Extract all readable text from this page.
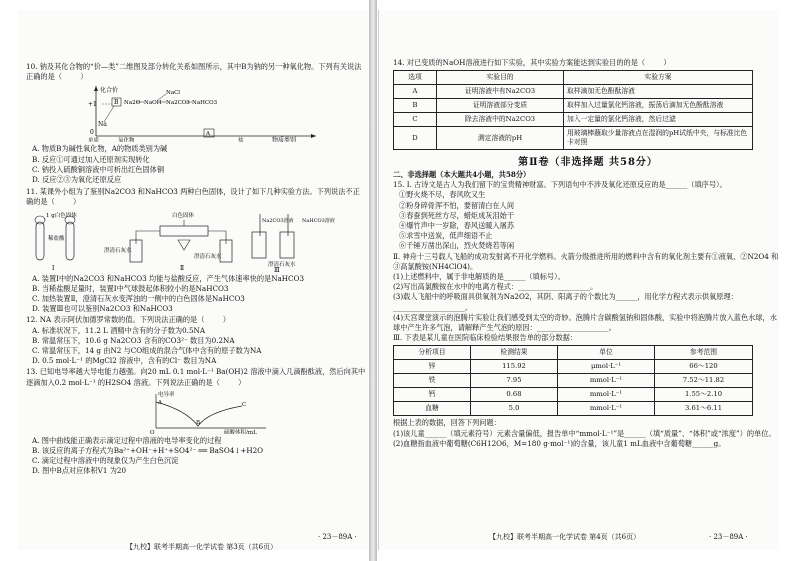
10. 钠及其化合物的“价—类”二维图及部分转化关系如图所示，其中B为钠的另一种氧化物。下列有关说法正确的是（        ）

化合价
物质类别
+1
0
单质	氧化物
A
盐
Na
B Na2O NaOH
NaCl
Na2CO3 NaHCO3

A. 物质B为碱性氧化物，A的物质类别为碱

B. 反应①可通过加入还原剂实现转化

C. 钠投入硫酸铜溶液中可析出红色固体铜

D. 反应②③为氧化还原反应

11. 某课外小组为了鉴别Na2CO3 和NaHCO3 两种白色固体，设计了如下几种实验方法。下列说法不正确的是（        ）

1 g白色固体
稀盐酸
Ⅰ
白色固体
澄清石灰水
澄清石灰水
Ⅱ
Na2CO3溶液 NaHCO3溶液
澄清石灰水
Ⅲ

A. 装置Ⅰ中的Na2CO3 和NaHCO3 均能与盐酸反应，产生气体速率快的是NaHCO3

B. 当稀盐酸足量时，装置Ⅰ中气球鼓起体积较小的是NaHCO3

C. 加热装置Ⅱ，澄清石灰水变浑浊的一侧中的白色固体是NaHCO3

D. 装置Ⅲ也可以鉴别Na2CO3 和NaHCO3

12. NA 表示阿伏加德罗常数的值。下列说法正确的是（        ）

A. 标准状况下，11.2 L 酒精中含有的分子数为0.5NA

B. 常温常压下，10.6 g Na2CO3 含有的CO3²⁻ 数目为0.2NA

C. 常温常压下，14 g 由N2 与CO组成的混合气体中含有的原子数为NA

D. 0.5 mol·L⁻¹ 的MgCl2 溶液中，含有的Cl⁻ 数目为NA

13. 已知电导率越大导电能力越强。向20 mL 0.1 mol·L⁻¹ Ba(OH)2 溶液中滴入几滴酚酞液，然后向其中逐滴加入0.2 mol·L⁻¹ 的H2SO4 溶液。下列说法正确的是（        ）

电导率
硫酸体积/mL
A
B
C
O

A. 图中曲线能正确表示滴定过程中溶液的电导率变化的过程

B. 该反应的离子方程式为Ba²⁺+OH⁻+H⁺+SO4²⁻ ══ BaSO4↓+H2O

C. 滴定过程中溶液中的现象仅为产生白色沉淀

D. 图中B点对应体积V1 为20

【九校】联考半期高一化学试卷 第3页（共6页）
· 23－89A ·

14. 对已变质的NaOH溶液进行如下实验，其中实验方案能达到实验目的的是（        ）

选项	实验目的	实验方案
A	证明溶液中有Na2CO3	取样滴加无色酚酞溶液
B	证明溶液部分变质	取样加入过量氯化钙溶液，振荡后滴加无色酚酞溶液
C	除去溶液中的Na2CO3	加入一定量的氯化钙溶液，然后过滤
D	测定溶液的pH	用玻璃棒蘸取少量溶液点在湿润的pH试纸中央，与标准比色卡对照
第Ⅱ卷（非选择题 共58分）

二、非选择题（本大题共4小题，共58分）

15. Ⅰ. 古诗文是古人为我们留下的宝贵精神财富。下列语句中不涉及氧化还原反应的是______（填序号）。

①野火烧不尽，春风吹又生

②粉身碎骨浑不怕，要留清白在人间

③春蚕到死丝方尽，蜡炬成灰泪始干

④爆竹声中一岁除，春风送暖入屠苏

⑤求雪中送炭，低声细语不止

⑥千锤万凿出深山，烈火焚烧若等闲

Ⅱ. 神舟十三号载人飞船的成功发射离不开化学燃料。火箭分级推进所用的燃料中含有的氧化剂主要有①液氧、②N2O4 和③高氯酸铵(NH4ClO4)。

(1)上述燃料中，属于非电解质的是______（填标号）。

(2)写出高氯酸铵在水中的电离方程式：____________________。

(3)载人飞船中的呼吸面具供氧剂为Na2O2，其阴、阳离子的个数比为______，用化学方程式表示供氧原理：____________________。

(4)天宫课堂演示的泡腾片实验让我们感受到太空的奇妙。泡腾片含碳酸氢钠和固体酸，实验中将泡腾片放入蓝色水球，水球中产生许多气泡，请解释产生气泡的原因：____________________。

Ⅲ. 下表是某儿童在医院临床检验结果报告单的部分数据：

分析项目	检测结果	单位	参考范围
锌	115.92	μmol·L⁻¹	66～120
铁	7.95	mmol·L⁻¹	7.52～11.82
钙	0.68	mmol·L⁻¹	1.55～2.10
血糖	5.0	mmol·L⁻¹	3.61～6.11

根据上表的数据，回答下列问题：

(1)该儿童______（填元素符号）元素含量偏低，报告单中“mmol·L⁻¹”是______（填“质量”、“体积”或“浓度”）的单位。

(2)血糖指血液中葡萄糖(C6H12O6，M=180 g·mol⁻¹)的含量，该儿童1 mL血液中含葡萄糖______g。

【九校】联考半期高一化学试卷 第4页（共6页）	· 23－89A ·
